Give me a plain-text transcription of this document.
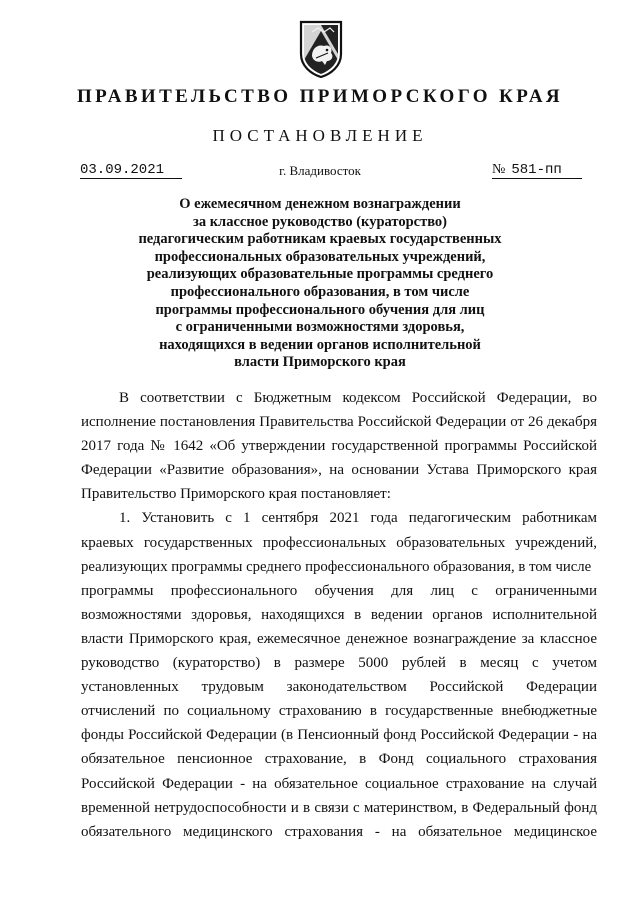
ПРАВИТЕЛЬСТВО ПРИМОРСКОГО КРАЯ
ПОСТАНОВЛЕНИЕ
03.09.2021	г. Владивосток	№ 581-пп
О ежемесячном денежном вознаграждении
за классное руководство (кураторство)
педагогическим работникам краевых государственных
профессиональных образовательных учреждений,
реализующих образовательные программы среднего
профессионального образования, в том числе
программы профессионального обучения для лиц
с ограниченными возможностями здоровья,
находящихся в ведении органов исполнительной
власти Приморского края
В соответствии с Бюджетным кодексом Российской Федерации, во
исполнение постановления Правительства Российской Федерации от 26 декабря
2017 года № 1642 «Об утверждении государственной программы Российской
Федерации «Развитие образования», на основании Устава Приморского края
Правительство Приморского края постановляет:
1. Установить с 1 сентября 2021 года педагогическим работникам
краевых государственных профессиональных образовательных учреждений,
реализующих программы среднего профессионального образования, в том числе
программы профессионального обучения для лиц с ограниченными
возможностями здоровья, находящихся в ведении органов исполнительной
власти Приморского края, ежемесячное денежное вознаграждение за классное
руководство (кураторство) в размере 5000 рублей в месяц с учетом
установленных трудовым законодательством Российской Федерации
отчислений по социальному страхованию в государственные внебюджетные
фонды Российской Федерации (в Пенсионный фонд Российской Федерации - на
обязательное пенсионное страхование, в Фонд социального страхования
Российской Федерации - на обязательное социальное страхование на случай
временной нетрудоспособности и в связи с материнством, в Федеральный фонд
обязательного медицинского страхования - на обязательное медицинское
